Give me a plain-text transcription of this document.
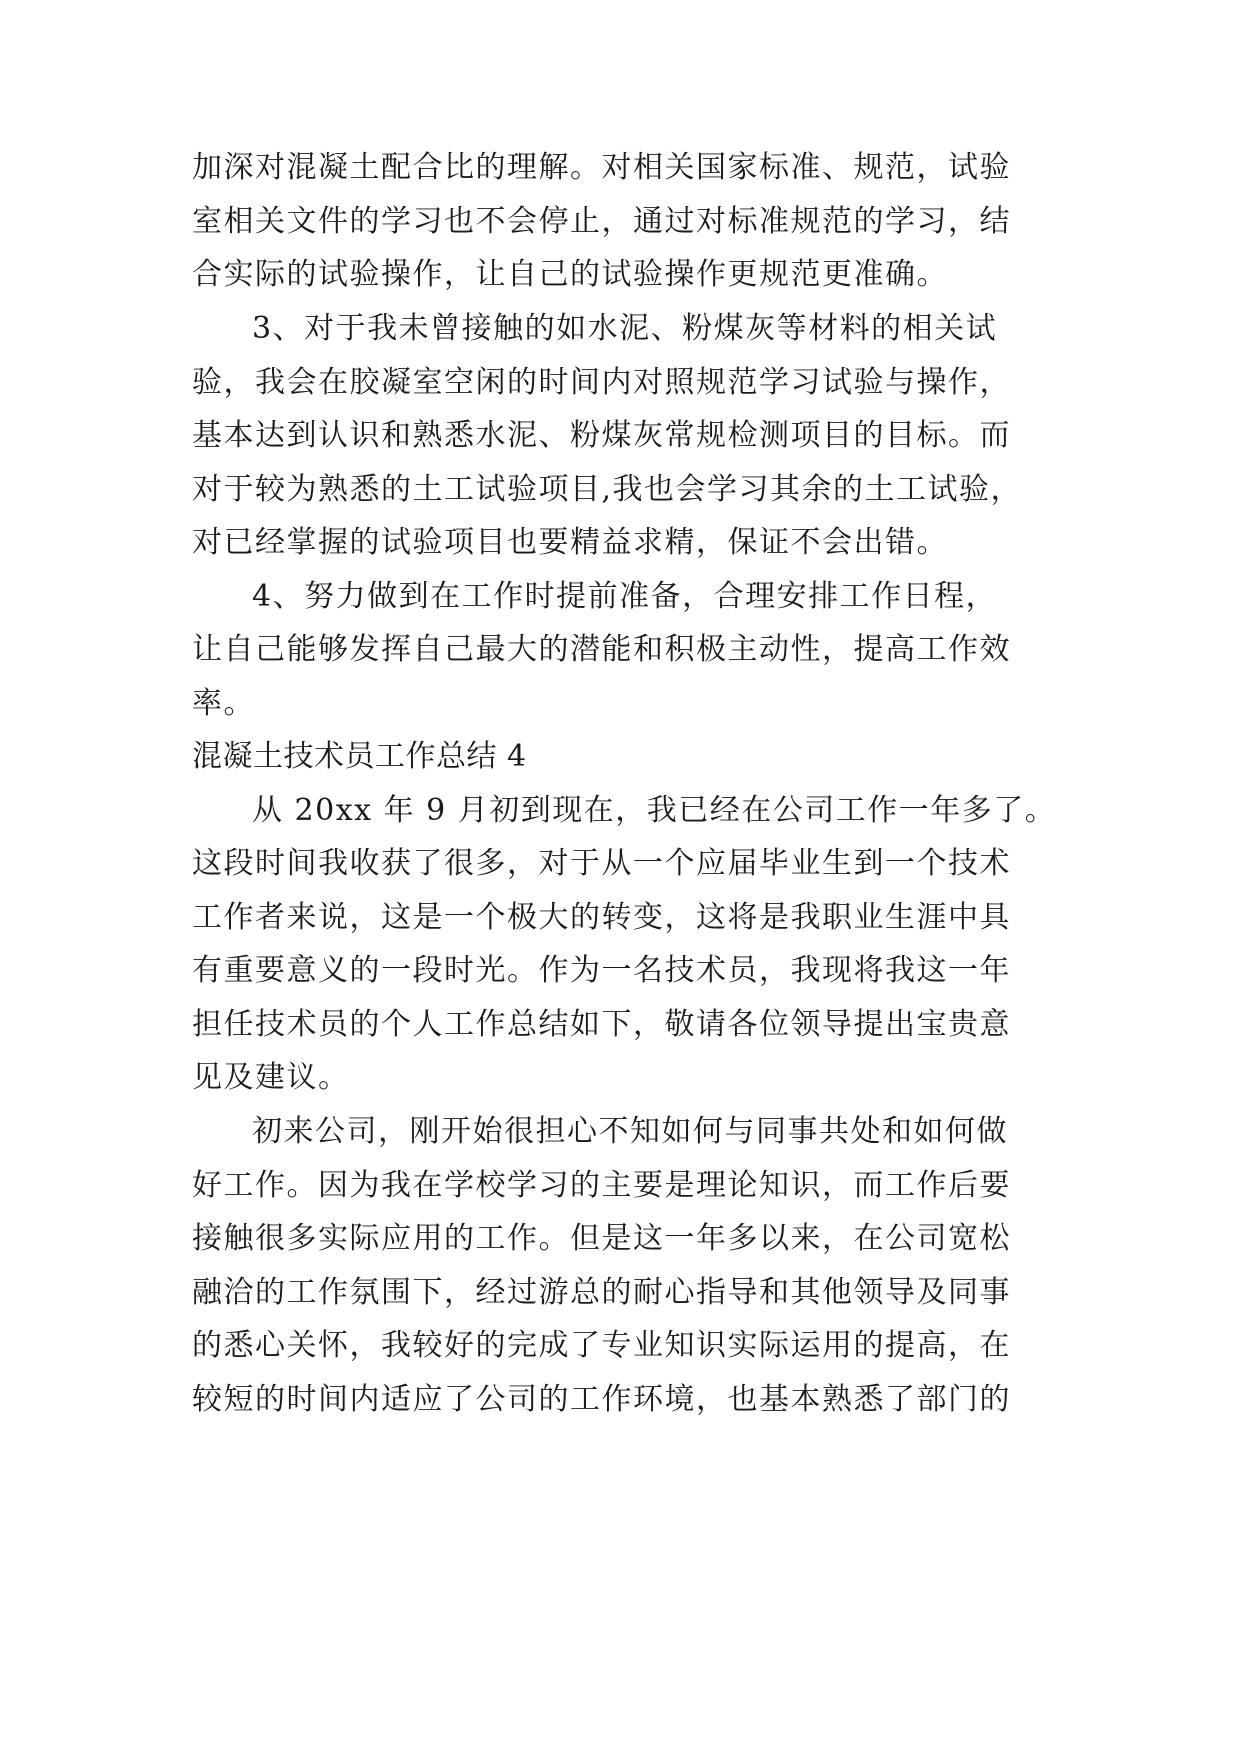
加深对混凝土配合比的理解。对相关国家标准、规范，试验
室相关文件的学习也不会停止，通过对标准规范的学习，结
合实际的试验操作，让自己的试验操作更规范更准确。
3、对于我未曾接触的如水泥、粉煤灰等材料的相关试
验，我会在胶凝室空闲的时间内对照规范学习试验与操作，
基本达到认识和熟悉水泥、粉煤灰常规检测项目的目标。而
对于较为熟悉的土工试验项目,我也会学习其余的土工试验，
对已经掌握的试验项目也要精益求精，保证不会出错。
4、努力做到在工作时提前准备，合理安排工作日程，
让自己能够发挥自己最大的潜能和积极主动性，提高工作效
率。
混凝土技术员工作总结 4
从 20xx 年 9 月初到现在，我已经在公司工作一年多了。
这段时间我收获了很多，对于从一个应届毕业生到一个技术
工作者来说，这是一个极大的转变，这将是我职业生涯中具
有重要意义的一段时光。作为一名技术员，我现将我这一年
担任技术员的个人工作总结如下，敬请各位领导提出宝贵意
见及建议。
初来公司，刚开始很担心不知如何与同事共处和如何做
好工作。因为我在学校学习的主要是理论知识，而工作后要
接触很多实际应用的工作。但是这一年多以来，在公司宽松
融洽的工作氛围下，经过游总的耐心指导和其他领导及同事
的悉心关怀，我较好的完成了专业知识实际运用的提高，在
较短的时间内适应了公司的工作环境，也基本熟悉了部门的
